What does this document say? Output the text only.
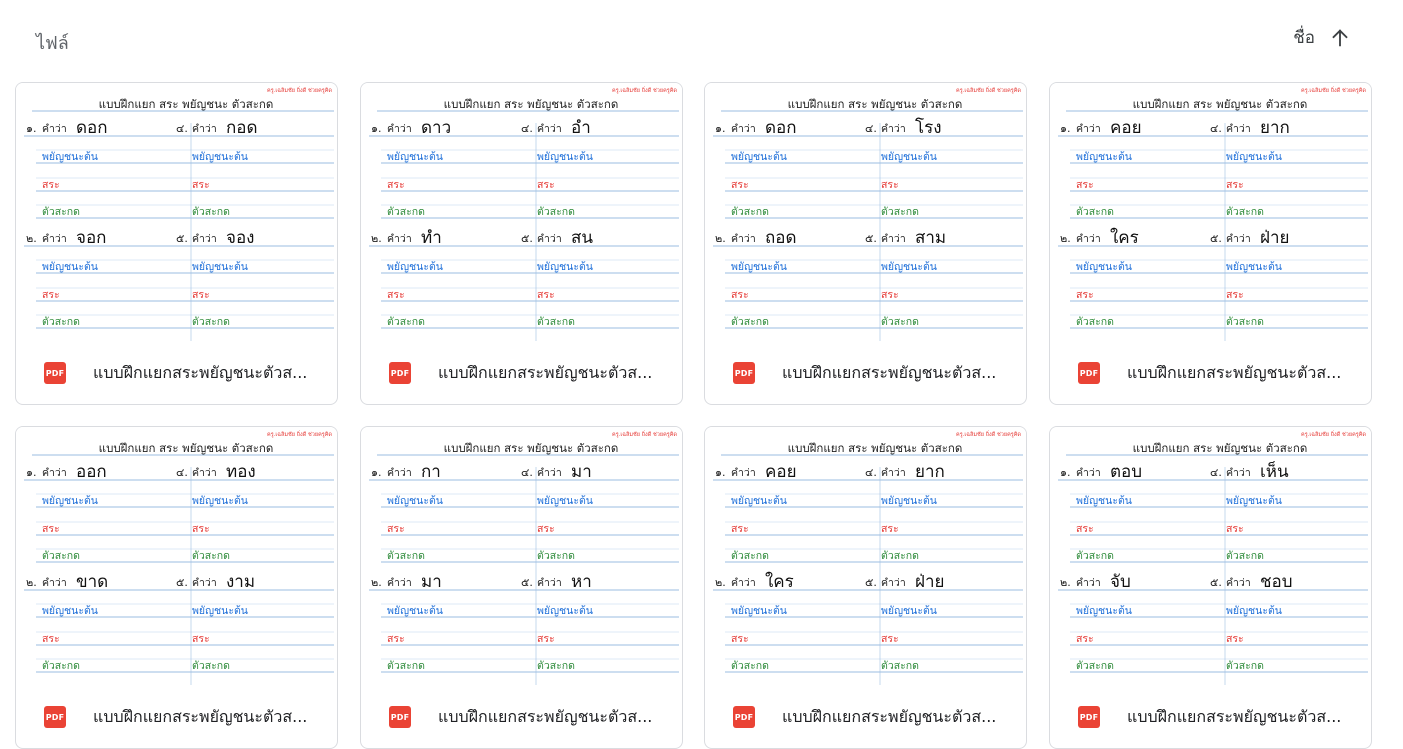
ไฟล์	ชื่อ
ครู.เฉลิมชัย ถิ่งดี ช่วยครูคิด
แบบฝึกแยก สระ พยัญชนะ ตัวสะกด
๑. คำว่า ดอก	๔. คำว่า กอด
พยัญชนะต้น	พยัญชนะต้น
สระ	สระ
ตัวสะกด	ตัวสะกด
๒. คำว่า จอก	๕. คำว่า จอง
พยัญชนะต้น	พยัญชนะต้น
สระ	สระ
ตัวสะกด	ตัวสะกด
PDF แบบฝึกแยกสระพยัญชนะตัวส...
ครู.เฉลิมชัย ถิ่งดี ช่วยครูคิด
แบบฝึกแยก สระ พยัญชนะ ตัวสะกด
๑. คำว่า ดาว	๔. คำว่า อำ
พยัญชนะต้น	พยัญชนะต้น
สระ	สระ
ตัวสะกด	ตัวสะกด
๒. คำว่า ทำ	๕. คำว่า สน
พยัญชนะต้น	พยัญชนะต้น
สระ	สระ
ตัวสะกด	ตัวสะกด
PDF แบบฝึกแยกสระพยัญชนะตัวส...
ครู.เฉลิมชัย ถิ่งดี ช่วยครูคิด
แบบฝึกแยก สระ พยัญชนะ ตัวสะกด
๑. คำว่า ดอก	๔. คำว่า โรง
พยัญชนะต้น	พยัญชนะต้น
สระ	สระ
ตัวสะกด	ตัวสะกด
๒. คำว่า ถอด	๕. คำว่า สาม
พยัญชนะต้น	พยัญชนะต้น
สระ	สระ
ตัวสะกด	ตัวสะกด
PDF แบบฝึกแยกสระพยัญชนะตัวส...
ครู.เฉลิมชัย ถิ่งดี ช่วยครูคิด
แบบฝึกแยก สระ พยัญชนะ ตัวสะกด
๑. คำว่า คอย	๔. คำว่า ยาก
พยัญชนะต้น	พยัญชนะต้น
สระ	สระ
ตัวสะกด	ตัวสะกด
๒. คำว่า ใคร	๕. คำว่า ฝ่าย
พยัญชนะต้น	พยัญชนะต้น
สระ	สระ
ตัวสะกด	ตัวสะกด
PDF แบบฝึกแยกสระพยัญชนะตัวส...
ครู.เฉลิมชัย ถิ่งดี ช่วยครูคิด
แบบฝึกแยก สระ พยัญชนะ ตัวสะกด
๑. คำว่า ออก	๔. คำว่า ทอง
พยัญชนะต้น	พยัญชนะต้น
สระ	สระ
ตัวสะกด	ตัวสะกด
๒. คำว่า ขาด	๕. คำว่า งาม
พยัญชนะต้น	พยัญชนะต้น
สระ	สระ
ตัวสะกด	ตัวสะกด
PDF แบบฝึกแยกสระพยัญชนะตัวส...
ครู.เฉลิมชัย ถิ่งดี ช่วยครูคิด
แบบฝึกแยก สระ พยัญชนะ ตัวสะกด
๑. คำว่า กา	๔. คำว่า มา
พยัญชนะต้น	พยัญชนะต้น
สระ	สระ
ตัวสะกด	ตัวสะกด
๒. คำว่า มา	๕. คำว่า หา
พยัญชนะต้น	พยัญชนะต้น
สระ	สระ
ตัวสะกด	ตัวสะกด
PDF แบบฝึกแยกสระพยัญชนะตัวส...
ครู.เฉลิมชัย ถิ่งดี ช่วยครูคิด
แบบฝึกแยก สระ พยัญชนะ ตัวสะกด
๑. คำว่า คอย	๔. คำว่า ยาก
พยัญชนะต้น	พยัญชนะต้น
สระ	สระ
ตัวสะกด	ตัวสะกด
๒. คำว่า ใคร	๕. คำว่า ฝ่าย
พยัญชนะต้น	พยัญชนะต้น
สระ	สระ
ตัวสะกด	ตัวสะกด
PDF แบบฝึกแยกสระพยัญชนะตัวส...
ครู.เฉลิมชัย ถิ่งดี ช่วยครูคิด
แบบฝึกแยก สระ พยัญชนะ ตัวสะกด
๑. คำว่า ตอบ	๔. คำว่า เห็น
พยัญชนะต้น	พยัญชนะต้น
สระ	สระ
ตัวสะกด	ตัวสะกด
๒. คำว่า จับ	๕. คำว่า ชอบ
พยัญชนะต้น	พยัญชนะต้น
สระ	สระ
ตัวสะกด	ตัวสะกด
PDF แบบฝึกแยกสระพยัญชนะตัวส...
